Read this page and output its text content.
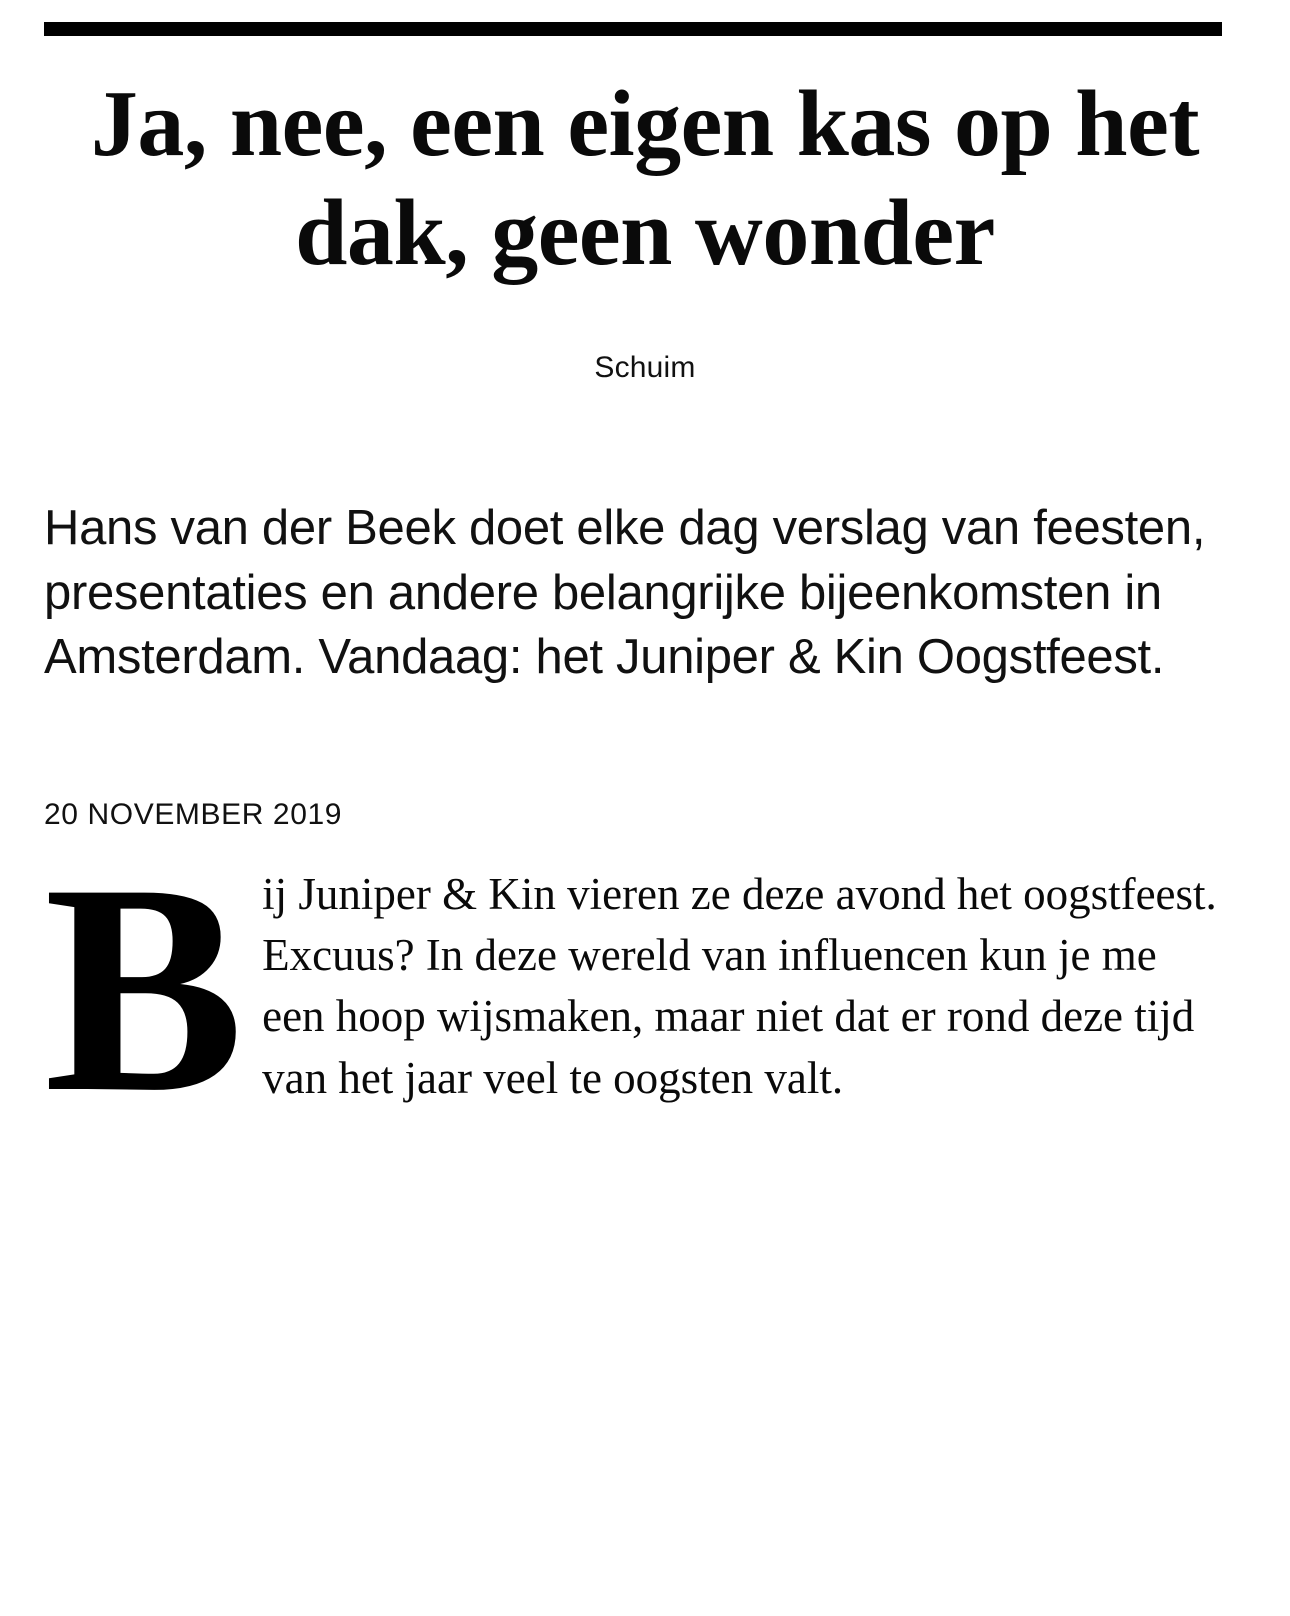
Ja, nee, een eigen kas op het dak, geen wonder
Schuim
Hans van der Beek doet elke dag verslag van feesten, presentaties en andere belangrijke bijeenkomsten in Amsterdam. Vandaag: het Juniper & Kin Oogstfeest.
20 NOVEMBER 2019
B ij Juniper & Kin vieren ze deze avond het oogstfeest. Excuus? In deze wereld van influencen kun je me een hoop wijsmaken, maar niet dat er rond deze tijd van het jaar veel te oogsten valt.
